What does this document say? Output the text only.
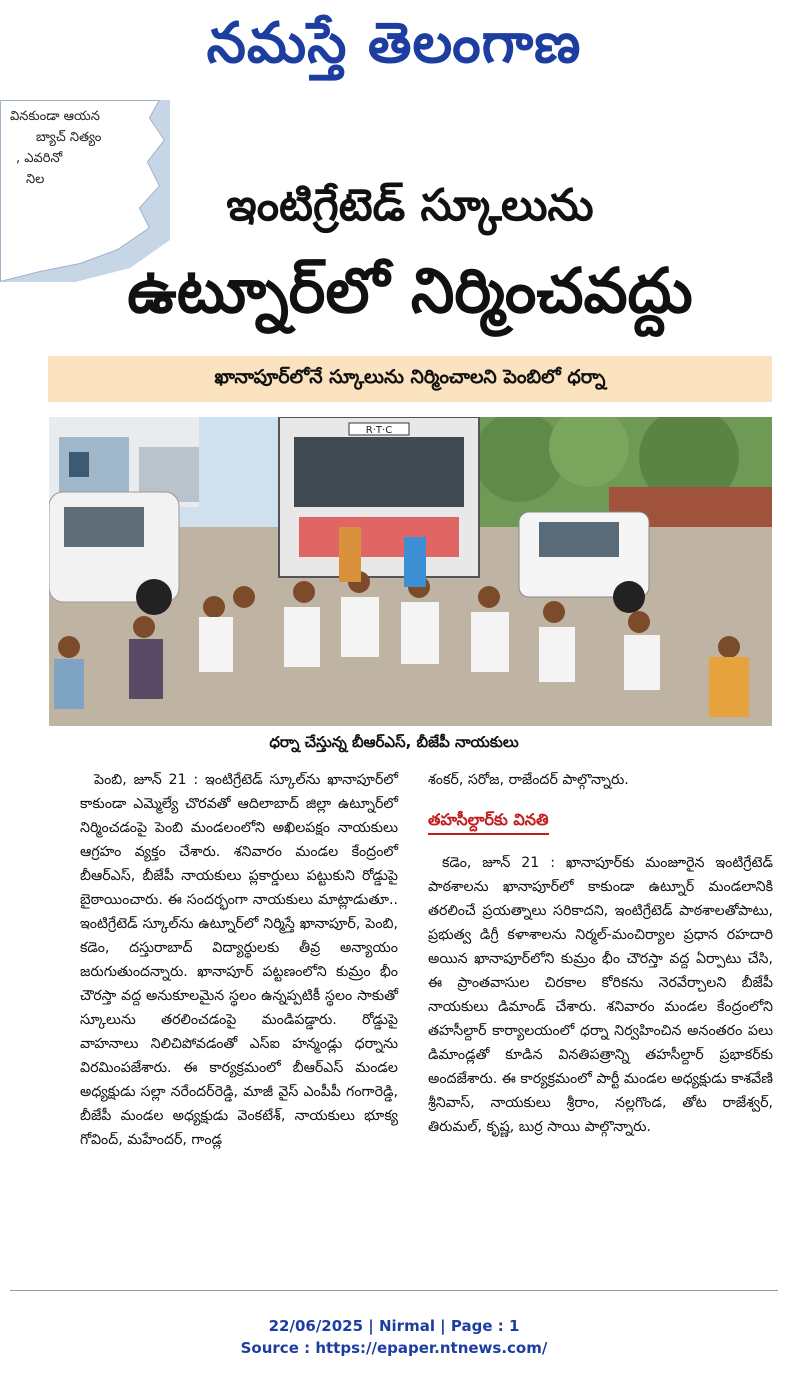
నమస్తే తెలంగాణ
వినకుండా ఆయన
బ్యాచ్ నిత్యం
, ఎవరినో
నిల
ఇంటిగ్రేటెడ్ స్కూలును
ఉట్నూర్‌లో నిర్మించవద్దు
ఖానాపూర్‌లోనే స్కూలును నిర్మించాలని పెంబిలో ధర్నా
R·T·C
ధర్నా చేస్తున్న బీఆర్ఎస్, బీజేపీ నాయకులు

పెంబి, జూన్ 21 : ఇంటిగ్రేటెడ్ స్కూల్‌ను ఖానాపూర్‌లో కాకుండా ఎమ్మెల్యే చొరవతో ఆదిలాబాద్ జిల్లా ఉట్నూర్‌లో నిర్మించడంపై పెంబి మండలంలోని అఖిలపక్షం నాయకులు ఆగ్రహం వ్యక్తం చేశారు. శనివారం మండల కేంద్రంలో బీఆర్ఎస్, బీజేపీ నాయకులు ప్లకార్డులు పట్టుకుని రోడ్డుపై బైఠాయించారు. ఈ సందర్భంగా నాయకులు మాట్లాడుతూ.. ఇంటిగ్రేటెడ్ స్కూల్‌ను ఉట్నూర్‌లో నిర్మిస్తే ఖానాపూర్, పెంబి, కడెం, దస్తురాబాద్ విద్యార్థులకు తీవ్ర అన్యాయం జరుగుతుందన్నారు. ఖానాపూర్ పట్టణంలోని కుమ్రం భీం చౌరస్తా వద్ద అనుకూలమైన స్థలం ఉన్నప్పటికీ స్థలం సాకుతో స్కూలును తరలించడంపై మండిపడ్డారు. రోడ్డుపై వాహనాలు నిలిచిపోవడంతో ఎస్ఐ హన్మండ్లు ధర్నాను విరమింపజేశారు. ఈ కార్యక్రమంలో బీఆర్ఎస్ మండల అధ్యక్షుడు సల్లా నరేందర్‌రెడ్డి, మాజీ వైస్ ఎంపీపీ గంగారెడ్డి, బీజేపీ మండల అధ్యక్షుడు వెంకటేశ్, నాయకులు భూక్య గోవింద్, మహేందర్, గాండ్ల

శంకర్, సరోజ, రాజేందర్ పాల్గొన్నారు.
తహసీల్దార్‌కు వినతి

కడెం, జూన్ 21 : ఖానాపూర్‌కు మంజూరైన ఇంటిగ్రేటెడ్ పాఠశాలను ఖానాపూర్‌లో కాకుండా ఉట్నూర్ మండలానికి తరలించే ప్రయత్నాలు సరికాదని, ఇంటిగ్రేటెడ్ పాఠశాలతోపాటు, ప్రభుత్వ డిగ్రీ కళాశాలను నిర్మల్-మంచిర్యాల ప్రధాన రహదారి అయిన ఖానాపూర్‌లోని కుమ్రం భీం చౌరస్తా వద్ద ఏర్పాటు చేసి, ఈ ప్రాంతవాసుల చిరకాల కోరికను నెరవేర్చాలని బీజేపీ నాయకులు డిమాండ్ చేశారు. శనివారం మండల కేంద్రంలోని తహసీల్దార్ కార్యాలయంలో ధర్నా నిర్వహించిన అనంతరం పలు డిమాండ్లతో కూడిన వినతిపత్రాన్ని తహసీల్దార్ ప్రభాకర్‌కు అందజేశారు. ఈ కార్యక్రమంలో పార్టీ మండల అధ్యక్షుడు కాశవేణి శ్రీనివాస్, నాయకులు శ్రీరాం, నల్లగొండ, తోట రాజేశ్వర్, తిరుమల్, కృష్ణ, బుర్ర సాయి పాల్గొన్నారు.

22/06/2025 | Nirmal | Page : 1
Source : https://epaper.ntnews.com/
